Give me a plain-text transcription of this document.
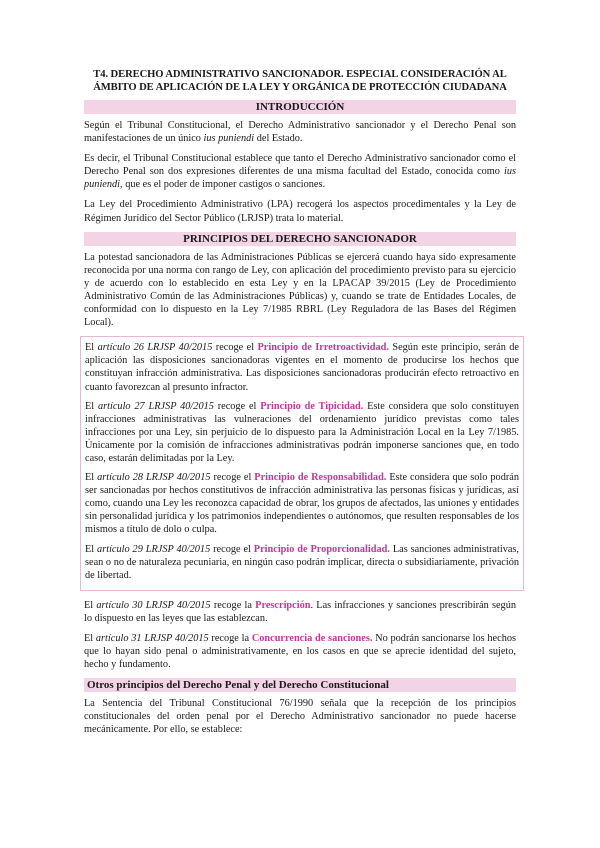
T4. DERECHO ADMINISTRATIVO SANCIONADOR. ESPECIAL CONSIDERACIÓN AL ÁMBITO DE APLICACIÓN DE LA LEY Y ORGÁNICA DE PROTECCIÓN CIUDADANA
INTRODUCCIÓN

Según el Tribunal Constitucional, el Derecho Administrativo sancionador y el Derecho Penal son manifestaciones de un único ius puniendi del Estado.

Es decir, el Tribunal Constitucional establece que tanto el Derecho Administrativo sancionador como el Derecho Penal son dos expresiones diferentes de una misma facultad del Estado, conocida como ius puniendi, que es el poder de imponer castigos o sanciones.

La Ley del Procedimiento Administrativo (LPA) recogerá los aspectos procedimentales y la Ley de Régimen Jurídico del Sector Público (LRJSP) trata lo material.

PRINCIPIOS DEL DERECHO SANCIONADOR

La potestad sancionadora de las Administraciones Públicas se ejercerá cuando haya sido expresamente reconocida por una norma con rango de Ley, con aplicación del procedimiento previsto para su ejercicio y de acuerdo con lo establecido en esta Ley y en la LPACAP 39/2015 (Ley de Procedimiento Administrativo Común de las Administraciones Públicas) y, cuando se trate de Entidades Locales, de conformidad con lo dispuesto en la Ley 7/1985 RBRL (Ley Reguladora de las Bases del Régimen Local).

El artículo 26 LRJSP 40/2015 recoge el Principio de Irretroactividad. Según este principio, serán de aplicación las disposiciones sancionadoras vigentes en el momento de producirse los hechos que constituyan infracción administrativa. Las disposiciones sancionadoras producirán efecto retroactivo en cuanto favorezcan al presunto infractor.

El artículo 27 LRJSP 40/2015 recoge el Principio de Tipicidad. Este considera que solo constituyen infracciones administrativas las vulneraciones del ordenamiento jurídico previstas como tales infracciones por una Ley, sin perjuicio de lo dispuesto para la Administración Local en la Ley 7/1985. Únicamente por la comisión de infracciones administrativas podrán imponerse sanciones que, en todo caso, estarán delimitadas por la Ley.

El artículo 28 LRJSP 40/2015 recoge el Principio de Responsabilidad. Este considera que solo podrán ser sancionadas por hechos constitutivos de infracción administrativa las personas físicas y jurídicas, así como, cuando una Ley les reconozca capacidad de obrar, los grupos de afectados, las uniones y entidades sin personalidad jurídica y los patrimonios independientes o autónomos, que resulten responsables de los mismos a título de dolo o culpa.

El artículo 29 LRJSP 40/2015 recoge el Principio de Proporcionalidad. Las sanciones administrativas, sean o no de naturaleza pecuniaria, en ningún caso podrán implicar, directa o subsidiariamente, privación de libertad.

El artículo 30 LRJSP 40/2015 recoge la Prescripción. Las infracciones y sanciones prescribirán según lo dispuesto en las leyes que las establezcan.

El artículo 31 LRJSP 40/2015 recoge la Concurrencia de sanciones. No podrán sancionarse los hechos que lo hayan sido penal o administrativamente, en los casos en que se aprecie identidad del sujeto, hecho y fundamento.

Otros principios del Derecho Penal y del Derecho Constitucional

La Sentencia del Tribunal Constitucional 76/1990 señala que la recepción de los principios constitucionales del orden penal por el Derecho Administrativo sancionador no puede hacerse mecánicamente. Por ello, se establece:
